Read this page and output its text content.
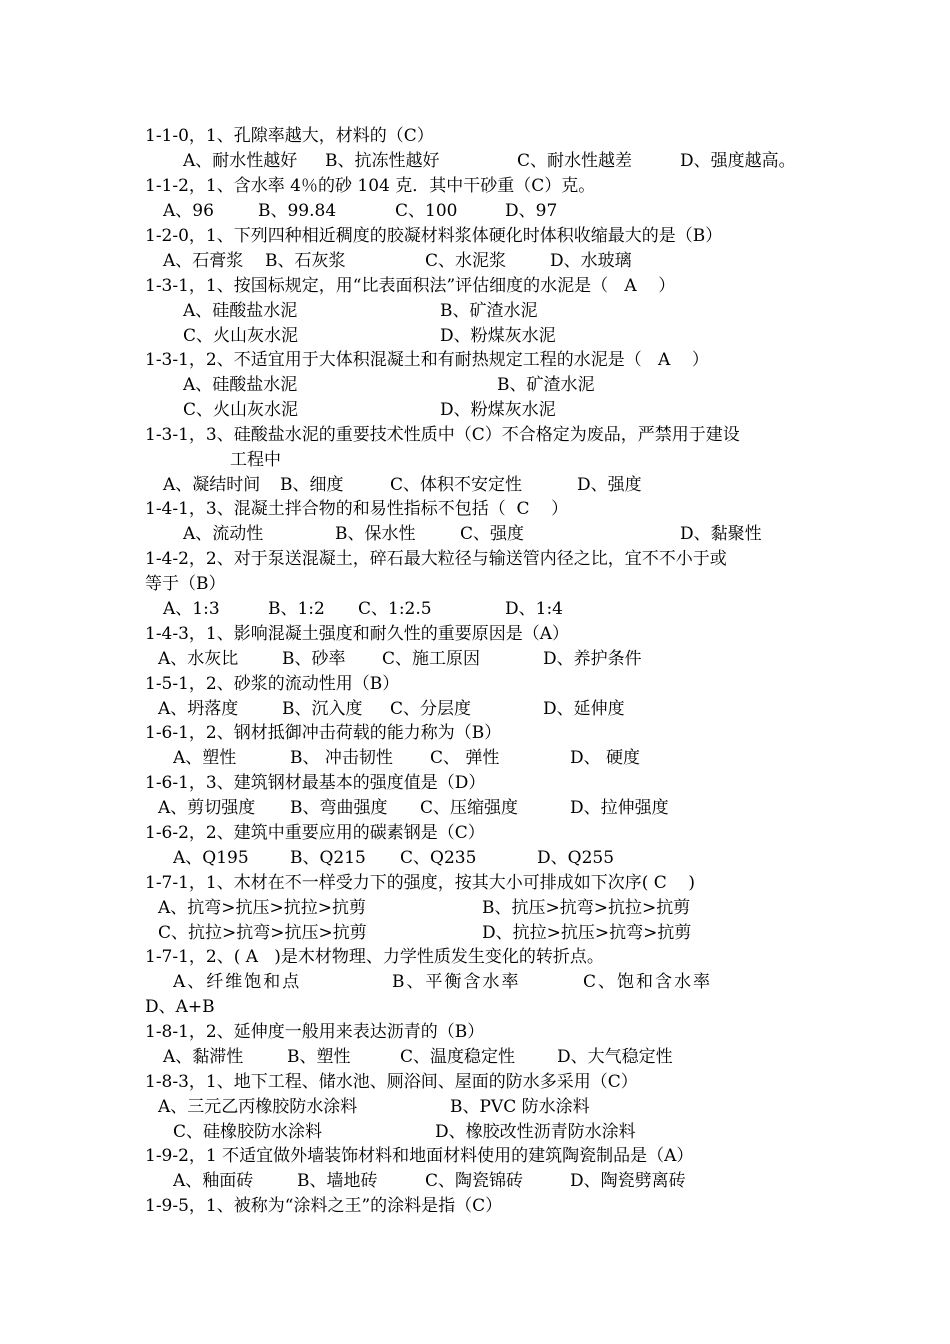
1-1-0，1、孔隙率越大，材料的（C）
A、耐水性越好 B、抗冻性越好	C、耐水性越差	D、强度越高。
1-1-2，1、含水率 4％的砂 104 克．其中干砂重（C）克。
A、96	B、99.84	C、100	D、97
1-2-0，1、下列四种相近稠度的胶凝材料浆体硬化时体积收缩最大的是（B）
A、石膏浆 B、石灰浆	C、水泥浆	D、水玻璃
1-3-1，1、按国标规定，用“比表面积法”评估细度的水泥是（   A    ）
A、硅酸盐水泥	B、矿渣水泥
C、火山灰水泥	D、粉煤灰水泥
1-3-1，2、不适宜用于大体积混凝土和有耐热规定工程的水泥是（   A    ）
A、硅酸盐水泥	B、矿渣水泥
C、火山灰水泥	D、粉煤灰水泥
1-3-1，3、硅酸盐水泥的重要技术性质中（C）不合格定为废品，严禁用于建设
工程中
A、凝结时间 B、细度	C、体积不安定性	D、强度
1-4-1，3、混凝土拌合物的和易性指标不包括（  C    ）
A、流动性	B、保水性	C、强度	D、黏聚性
1-4-2，2、对于泵送混凝土，碎石最大粒径与输送管内径之比，宜不不小于或
等于（B）
A、1:3	B、1:2 C、1:2.5	D、1:4
1-4-3，1、影响混凝土强度和耐久性的重要原因是（A）
A、水灰比	B、砂率 C、施工原因	D、养护条件
1-5-1，2、砂浆的流动性用（B）
A、坍落度	B、沉入度 C、分层度	D、延伸度
1-6-1，2、钢材抵御冲击荷载的能力称为（B）
A、塑性	B、 冲击韧性 C、 弹性	D、 硬度
1-6-1，3、建筑钢材最基本的强度值是（D）
A、剪切强度 B、弯曲强度 C、压缩强度	D、拉伸强度
1-6-2，2、建筑中重要应用的碳素钢是（C）
A、Q195 B、Q215 C、Q235	D、Q255
1-7-1，1、木材在不一样受力下的强度，按其大小可排成如下次序( C    )
A、抗弯>抗压>抗拉>抗剪	B、抗压>抗弯>抗拉>抗剪
C、抗拉>抗弯>抗压>抗剪	D、抗拉>抗压>抗弯>抗剪
1-7-1，2、( A   )是木材物理、力学性质发生变化的转折点。
A、纤维饱和点	B、平衡含水率	C、饱和含水率
D、A+B
1-8-1，2、延伸度一般用来表达沥青的（B）
A、黏滞性	B、塑性	C、温度稳定性 D、大气稳定性
1-8-3，1、地下工程、储水池、厕浴间、屋面的防水多采用（C）
A、三元乙丙橡胶防水涂料	B、PVC 防水涂料
C、硅橡胶防水涂料	D、橡胶改性沥青防水涂料
1-9-2，1 不适宜做外墙装饰材料和地面材料使用的建筑陶瓷制品是（A）
A、釉面砖	B、墙地砖	C、陶瓷锦砖	D、陶瓷劈离砖
1-9-5，1、被称为“涂料之王”的涂料是指（C）
